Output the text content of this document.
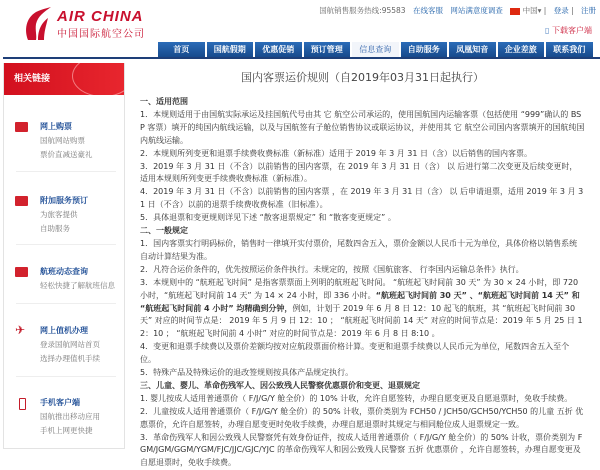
AIR CHINA
中国国际航空公司
国航销售服务热线:95583 在线客服 网站满意度调查	中国▾ | 登录 | 注册
▯ 下载客户端
首页	国航假期	优惠促销	预订管理	信息查询	自助服务	凤凰知音	企业差旅	联系我们
相关链接
网上购票
国航网站购票
票价直减送豪礼
附加服务预订
为旅客提供
自助服务
航班动态查询
轻松快捷了解航班信息
✈	网上值机办理
登录国航网站首页
选择办理值机手续
手机客户端
国航推出移动应用
手机上网更快捷
国内客票运价规则（自2019年03月31日起执行）
一、适用范围
1．本规则适用于由国航实际承运及挂国航代号由其 它 航空公司承运的，使用国航国内运输客票（包括使用 “999”确认的 BSP 客票）填开的纯国内航线运输，以及与国航签有子舱位销售协议或联运协议，并使用其 它 航空公司国内客票填开的国航纯国内航线运输。
2．本规则所列变更和退票手续费收费标准（新标准）适用于 2019 年 3 月 31 日（含）以后销售的国内客票。
3．2019 年 3 月 31 日（不含）以前销售的国内客票，在 2019 年 3 月 31 日（含） 以 后进行第二次变更及后续变更时，适用本规则所列变更手续费收费标准（新标准）。
4．2019 年 3 月 31 日（不含）以前销售的国内客票 ，在 2019 年 3 月 31 日（含） 以 后申请退票，适用 2019 年 3 月 31 日（不含）以前的退票手续费收费标准（旧标准）。
5．具体退票和变更规则详见下述 “散客退票规定” 和 “散客变更规定” 。
二、一般规定
1．国内客票实行明码标价，销售时一律填开实付票价，尾数四舍五入，票价金额以人民币十元为单位，具体价格以销售系统自动计算结果为准。
2．凡符合运价条件的，优先按照运价条件执行。未规定的，按照《国航旅客、 行李国内运输总条件》执行。
3．本规则中的 “航班起飞时间” 是指客票票面上列明的航班起飞时间。 “航班起飞时间前 30 天” 为 30 × 24 小时，即 720 小时，“航班起飞时间前 14 天” 为 14 × 24 小时，即 336 小时。“航班起飞时间前 30 天” 、“航班起飞时间前 14 天” 和 “航班起飞时间前 4 小时” 均精确到分钟，例如，计划于 2019 年 6 月 8 日 12：10 起飞的航班，其 “航班起飞时间前 30 天” 对应的时间节点是： 2019 年 5 月 9 日 12：10 ； “航班起飞时间前 14 天” 对应的时间节点是：2019 年 5 月 25 日 12：10 ； “航班起飞时间前 4 小时” 对应的时间节点是：2019 年 6 月 8 日 8:10 。
4．变更和退票手续费以及票价差额均按对应航段票面价格计算。变更和退票手续费以人民币元为单位，尾数四舍五入至个位。
5．特殊产品及特殊运价的退改签规则按具体产品规定执行。
三、儿童、婴儿、革命伤残军人、因公致残人民警察优惠票价和变更、退票规定
1. 婴儿按成人适用普通票价（ F/J/G/Y 舱全价）的 10% 计收，允许自愿签转，办理自愿变更及自愿退票时，免收手续费。
2．儿童按成人适用普通票价（ F/J/G/Y 舱全价）的 50% 计收，票价类别为 FCH50 / JCH50/GCH50/YCH50 的儿童 五折 优惠票价，允许自愿签转，办理自愿变更时免收手续费，办理自愿退票时其规定与相同舱位成人退票规定一致。
3．革命伤残军人和因公致残人民警察凭有效身份证件，按成人适用普通票价（ F/J/G/Y 舱全价）的 50% 计收，票价类别为 FGM/JGM/GGM/YGM/FJC/JJC/GJC/YJC 的革命伤残军人和因公致残人民警察 五折 优惠票价 ，允许自愿签转，办理自愿变更及自愿退票时，免收手续费。
